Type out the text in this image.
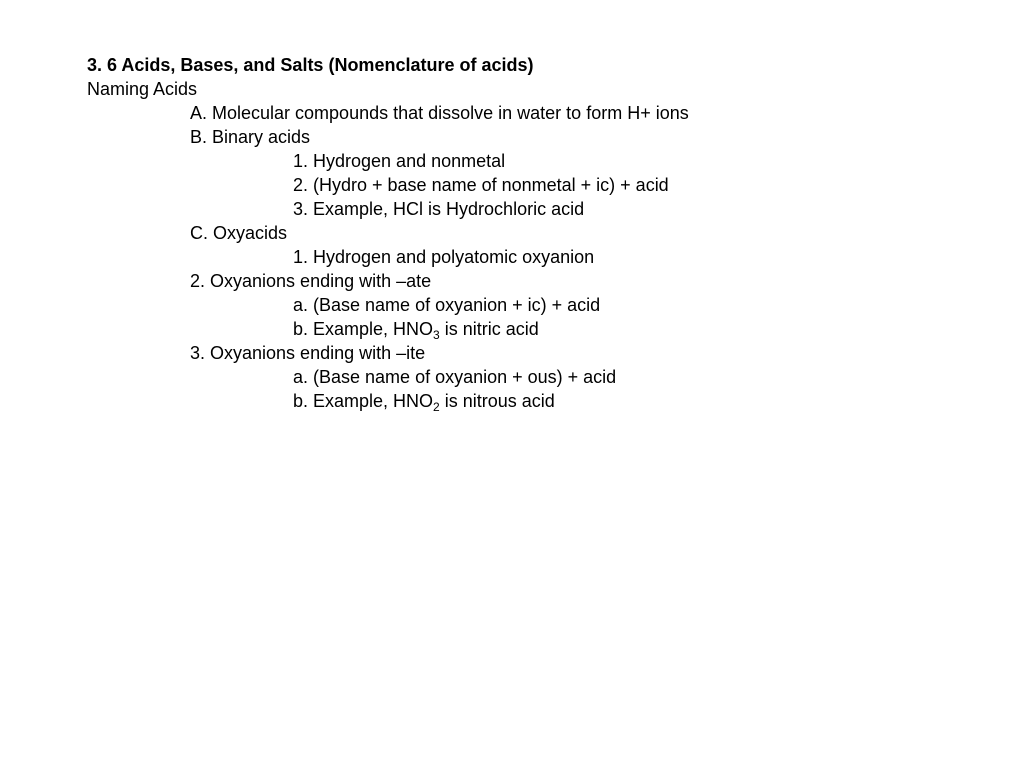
3. 6 Acids, Bases, and Salts (Nomenclature of acids)
Naming Acids
A. Molecular compounds that dissolve in water to form H+ ions
B. Binary acids
1. Hydrogen and nonmetal
2. (Hydro + base name of nonmetal + ic) + acid
3. Example, HCl is Hydrochloric acid
C. Oxyacids
1. Hydrogen and polyatomic oxyanion
2. Oxyanions ending with –ate
a. (Base name of oxyanion + ic) + acid
b. Example, $HNO_3$ is nitric acid
3. Oxyanions ending with –ite
a. (Base name of oxyanion + ous) + acid
b. Example, $HNO_2$ is nitrous acid
